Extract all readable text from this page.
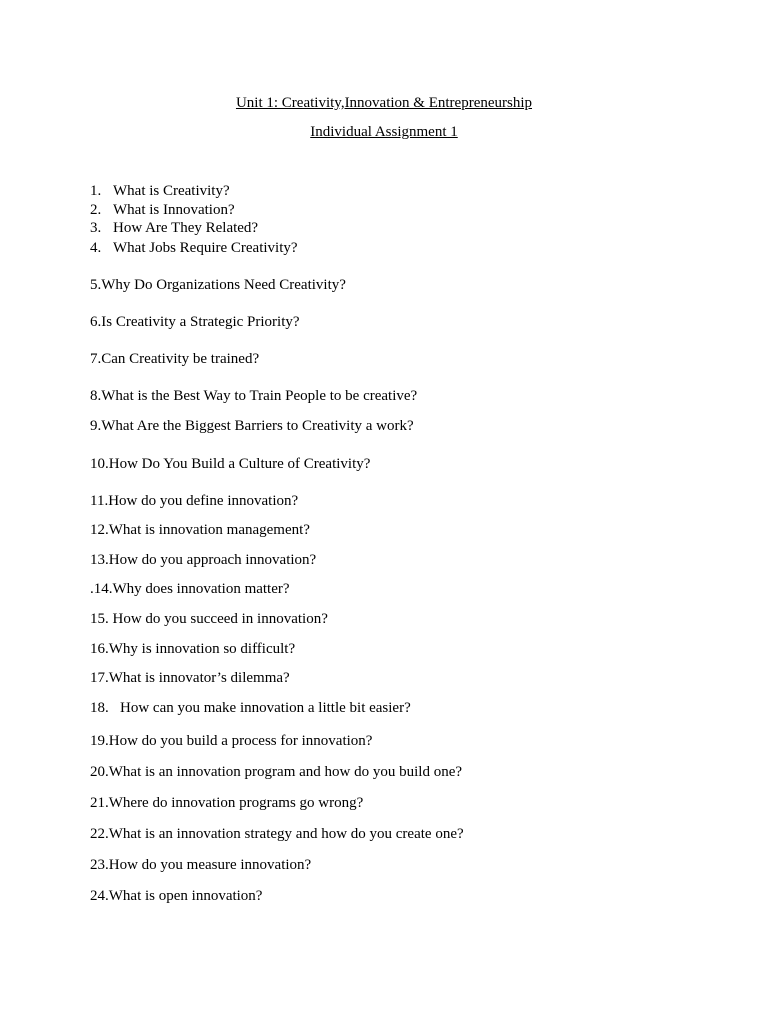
Unit 1: Creativity,Innovation & Entrepreneurship
Individual Assignment 1
1. What is Creativity?
2. What is Innovation?
3. How Are They Related?
4. What Jobs Require Creativity?
5.Why Do Organizations Need Creativity?
6.Is Creativity a Strategic Priority?
7.Can Creativity be trained?
8.What is the Best Way to Train People to be creative?
9.What Are the Biggest Barriers to Creativity a work?
10.How Do You Build a Culture of Creativity?
11.How do you define innovation?
12.What is innovation management?
13.How do you approach innovation?
.14.Why does innovation matter?
15. How do you succeed in innovation?
16.Why is innovation so difficult?
17.What is innovator’s dilemma?
18.   How can you make innovation a little bit easier?
19.How do you build a process for innovation?
20.What is an innovation program and how do you build one?
21.Where do innovation programs go wrong?
22.What is an innovation strategy and how do you create one?
23.How do you measure innovation?
24.What is open innovation?
